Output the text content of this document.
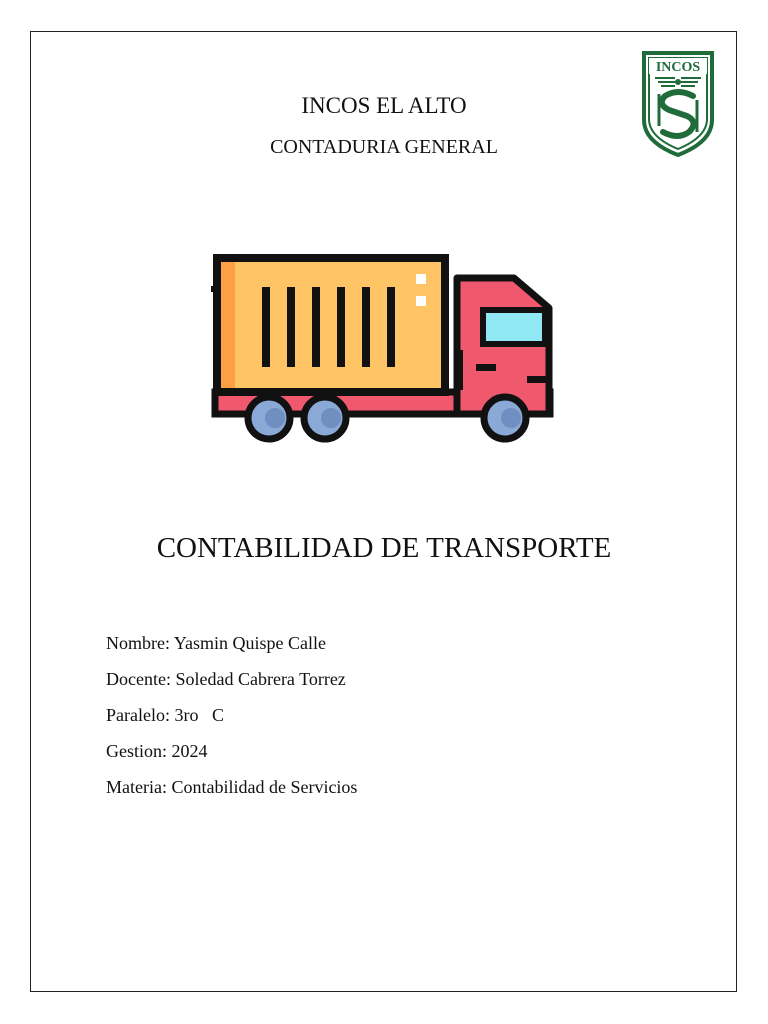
INCOS EL ALTO
CONTADURIA GENERAL
INCOS
CONTABILIDAD DE TRANSPORTE
Nombre: Yasmin Quispe Calle
Docente: Soledad Cabrera Torrez
Paralelo: 3ro   C
Gestion: 2024
Materia: Contabilidad de Servicios
